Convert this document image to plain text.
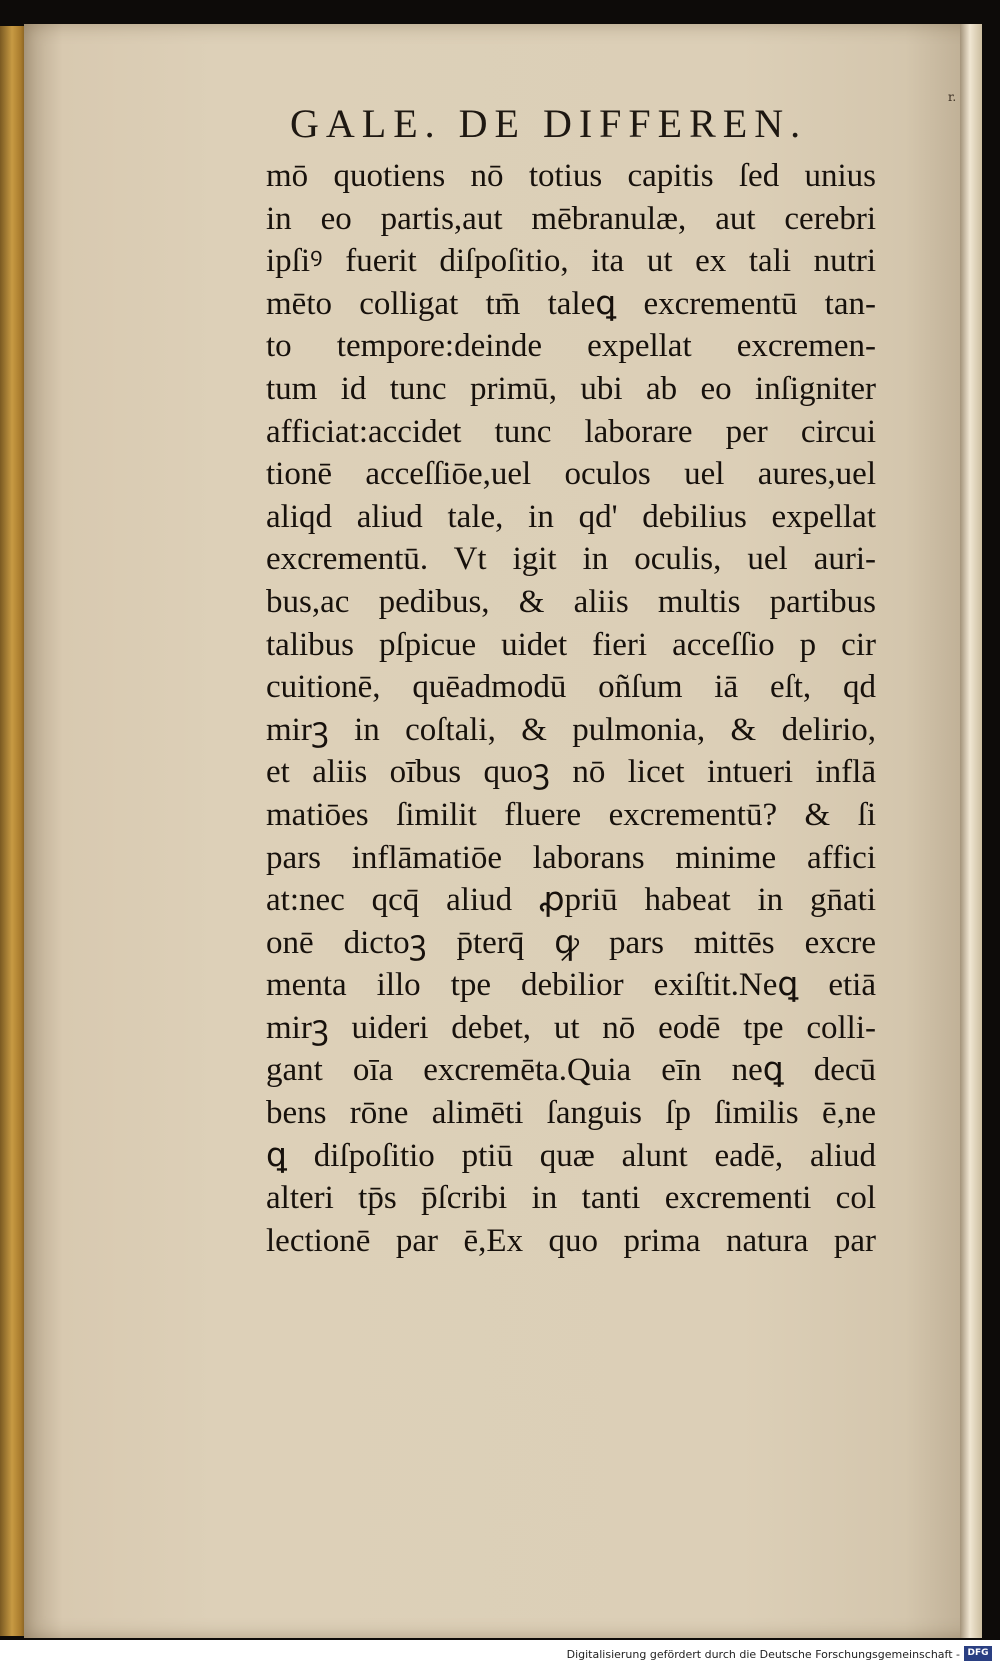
r.
GALE. DE DIFFEREN.
mō quotiens nō totius capitis ſed unius
in eo partis,aut mēbranulæ, aut cerebri
ipſiꝰ fuerit diſpoſitio, ita ut ex tali nutri
mēto colligat tm̄ taleꝗ excrementū tan-
to tempore:deinde expellat excremen-
tum id tunc primū, ubi ab eo inſigniter
afficiat:accidet tunc laborare per circui
tionē acceſſiōe,uel oculos uel aures,uel
aliqd aliud tale, in qd' debilius expellat
excrementū. Vt igit in oculis, uel auri-
bus,ac pedibus, & aliis multis partibus
talibus pſpicue uidet fieri acceſſio p cir
cuitionē, quēadmodū oñſum iā eſt, qd
mirꝫ in coſtali, & pulmonia, & delirio,
et aliis oībus quoꝫ nō licet intueri inflā
matiōes ſimilit fluere excrementū? & ſi
pars inflāmatiōe laborans minime affici
at:nec qcq̄ aliud ꝓpriū habeat in gn̄ati
onē dictoꝫ p̄terq̄ ꝙ pars mittēs excre
menta illo tpe debilior exiſtit.Neꝗ etiā
mirꝫ uideri debet, ut nō eodē tpe colli-
gant oīa excremēta.Quia eīn neꝗ decū
bens rōne alimēti ſanguis ſp ſimilis ē,ne
ꝗ diſpoſitio ptiū quæ alunt eadē, aliud
alteri tp̄s p̄ſcribi in tanti excrementi col
lectionē par ē,Ex quo prima natura par
Digitalisierung gefördert durch die Deutsche Forschungsgemeinschaft - DFG
